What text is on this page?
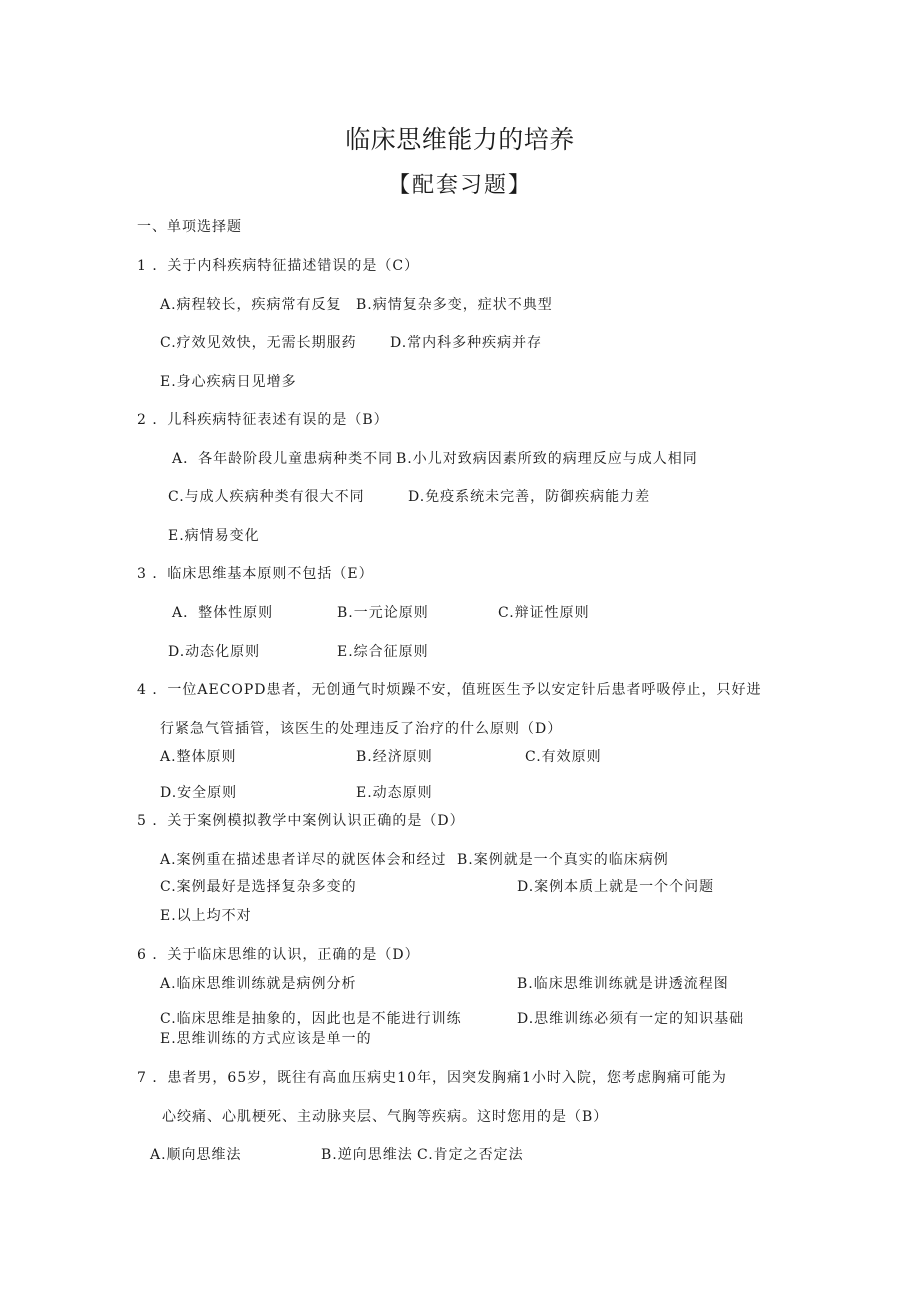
临床思维能力的培养
【配套习题】
一、单项选择题
1 ．关于内科疾病特征描述错误的是（C）
A.病程较长，疾病常有反复 B.病情复杂多变，症状不典型
C.疗效见效快，无需长期服药 D.常内科多种疾病并存
E.身心疾病日见增多
2 ．儿科疾病特征表述有误的是（B）
A．各年龄阶段儿童患病种类不同 B.小儿对致病因素所致的病理反应与成人相同
C.与成人疾病种类有很大不同	D.免疫系统未完善，防御疾病能力差
E.病情易变化
3 ．临床思维基本原则不包括（E）
A．整体性原则	B.一元论原则	C.辩证性原则
D.动态化原则	E.综合征原则
4 ．一位AECOPD患者，无创通气时烦躁不安，值班医生予以安定针后患者呼吸停止，只好进
行紧急气管插管，该医生的处理违反了治疗的什么原则（D）
A.整体原则	B.经济原则	C.有效原则
D.安全原则	E.动态原则
5 ．关于案例模拟教学中案例认识正确的是（D）
A.案例重在描述患者详尽的就医体会和经过 B.案例就是一个真实的临床病例
C.案例最好是选择复杂多变的	D.案例本质上就是一个个问题
E.以上均不对
6 ．关于临床思维的认识，正确的是（D）
A.临床思维训练就是病例分析	B.临床思维训练就是讲透流程图
C.临床思维是抽象的，因此也是不能进行训练	D.思维训练必须有一定的知识基础
E.思维训练的方式应该是单一的
7 ．患者男，65岁，既往有高血压病史10年，因突发胸痛1小时入院，您考虑胸痛可能为
心绞痛、心肌梗死、主动脉夹层、气胸等疾病。这时您用的是（B）
A.顺向思维法	B.逆向思维法 C.肯定之否定法
